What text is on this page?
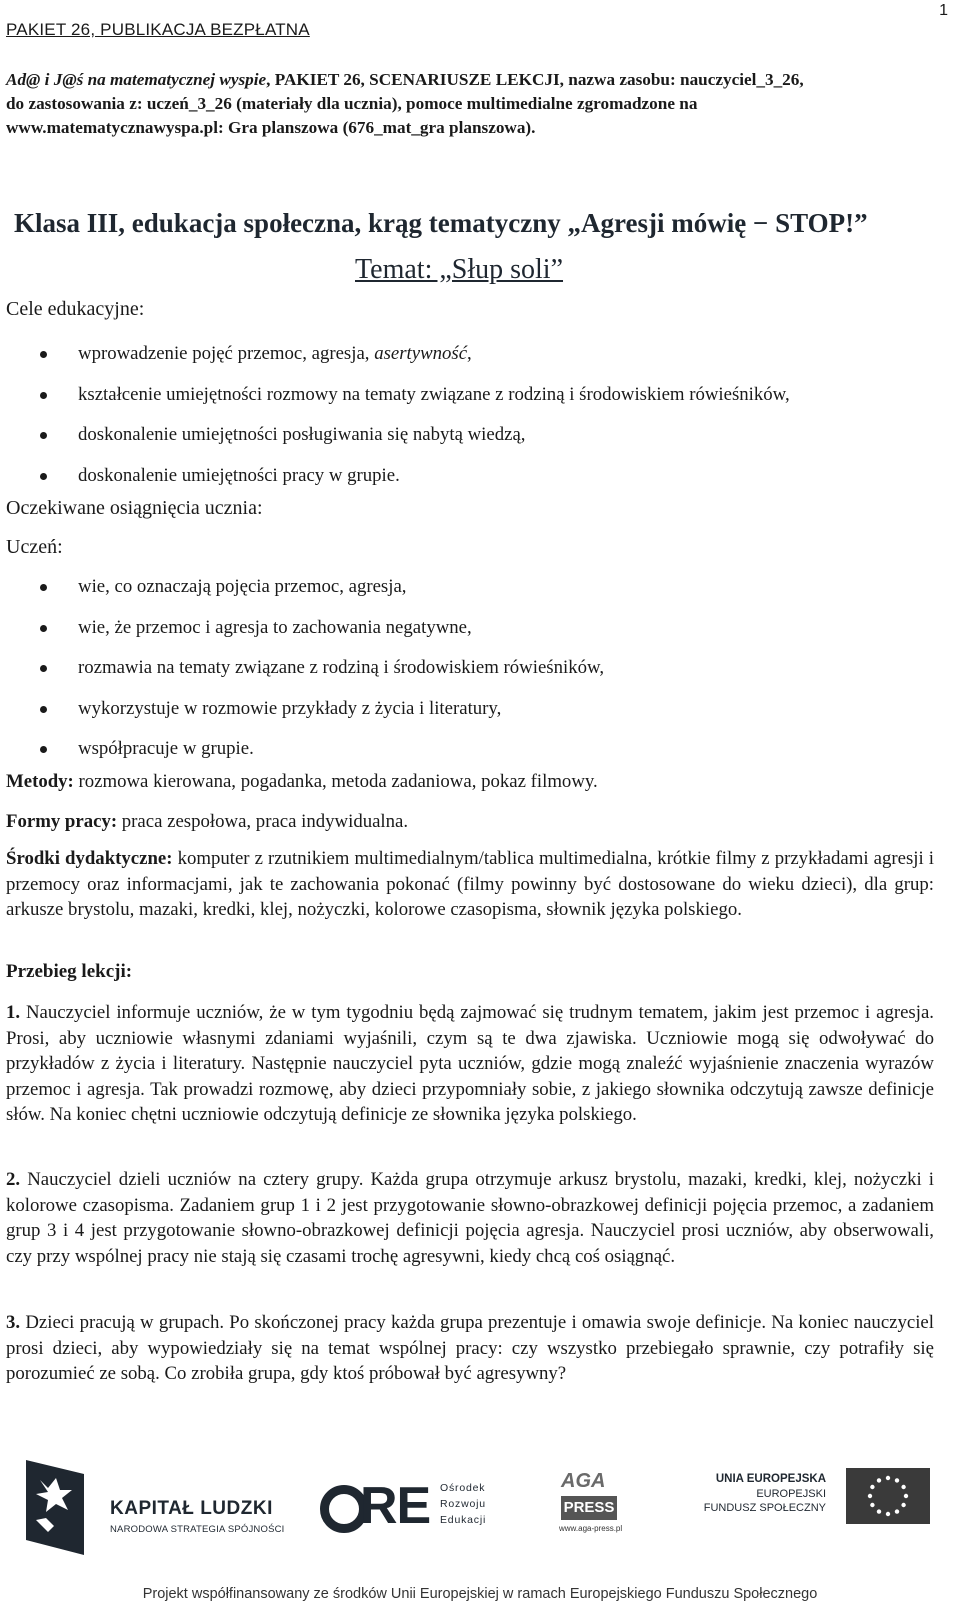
PAKIET 26, PUBLIKACJA BEZPŁATNA
1
Ad@ i J@ś na matematycznej wyspie, PAKIET 26, SCENARIUSZE LEKCJI, nazwa zasobu: nauczyciel_3_26,
do zastosowania z: uczeń_3_26 (materiały dla ucznia), pomoce multimedialne zgromadzone na
www.matematycznawyspa.pl: Gra planszowa (676_mat_gra planszowa).
Klasa III, edukacja społeczna, krąg tematyczny „Agresji mówię − STOP!”
Temat: „Słup soli”
Cele edukacyjne:
wprowadzenie pojęć przemoc, agresja, asertywność,
kształcenie umiejętności rozmowy na tematy związane z rodziną i środowiskiem rówieśników,
doskonalenie umiejętności posługiwania się nabytą wiedzą,
doskonalenie umiejętności pracy w grupie.
Oczekiwane osiągnięcia ucznia:
Uczeń:
wie, co oznaczają pojęcia przemoc, agresja,
wie, że przemoc i agresja to zachowania negatywne,
rozmawia na tematy związane z rodziną i środowiskiem rówieśników,
wykorzystuje w rozmowie przykłady z życia i literatury,
współpracuje w grupie.
Metody: rozmowa kierowana, pogadanka, metoda zadaniowa, pokaz filmowy.
Formy pracy: praca zespołowa, praca indywidualna.
Środki dydaktyczne: komputer z rzutnikiem multimedialnym/tablica multimedialna, krótkie filmy z przykładami agresji i przemocy oraz informacjami, jak te zachowania pokonać (filmy powinny być dostosowane do wieku dzieci), dla grup: arkusze brystolu, mazaki, kredki, klej, nożyczki, kolorowe czasopisma, słownik języka polskiego.
Przebieg lekcji:
1. Nauczyciel informuje uczniów, że w tym tygodniu będą zajmować się trudnym tematem, jakim jest przemoc i agresja. Prosi, aby uczniowie własnymi zdaniami wyjaśnili, czym są te dwa zjawiska. Uczniowie mogą się odwoływać do przykładów z życia i literatury. Następnie nauczyciel pyta uczniów, gdzie mogą znaleźć wyjaśnienie znaczenia wyrazów przemoc i agresja. Tak prowadzi rozmowę, aby dzieci przypomniały sobie, z jakiego słownika odczytują zawsze definicje słów. Na koniec chętni uczniowie odczytują definicje ze słownika języka polskiego.
2. Nauczyciel dzieli uczniów na cztery grupy. Każda grupa otrzymuje arkusz brystolu, mazaki, kredki, klej, nożyczki i kolorowe czasopisma. Zadaniem grup 1 i 2 jest przygotowanie słowno-obrazkowej definicji pojęcia przemoc, a zadaniem grup 3 i 4 jest przygotowanie słowno-obrazkowej definicji pojęcia agresja. Nauczyciel prosi uczniów, aby obserwowali, czy przy wspólnej pracy nie stają się czasami trochę agresywni, kiedy chcą coś osiągnąć.
3. Dzieci pracują w grupach. Po skończonej pracy każda grupa prezentuje i omawia swoje definicje. Na koniec nauczyciel prosi dzieci, aby wypowiedziały się na temat wspólnej pracy: czy wszystko przebiegało sprawnie, czy potrafiły się porozumieć ze sobą. Co zrobiła grupa, gdy ktoś próbował być agresywny?
KAPITAŁ LUDZKI
NARODOWA STRATEGIA SPÓJNOŚCI RE Ośrodek
Rozwoju
Edukacji
AGA
PRESS
www.aga-press.pl
UNIA EUROPEJSKA
EUROPEJSKI
FUNDUSZ SPOŁECZNY
Projekt współfinansowany ze środków Unii Europejskiej w ramach Europejskiego Funduszu Społecznego
